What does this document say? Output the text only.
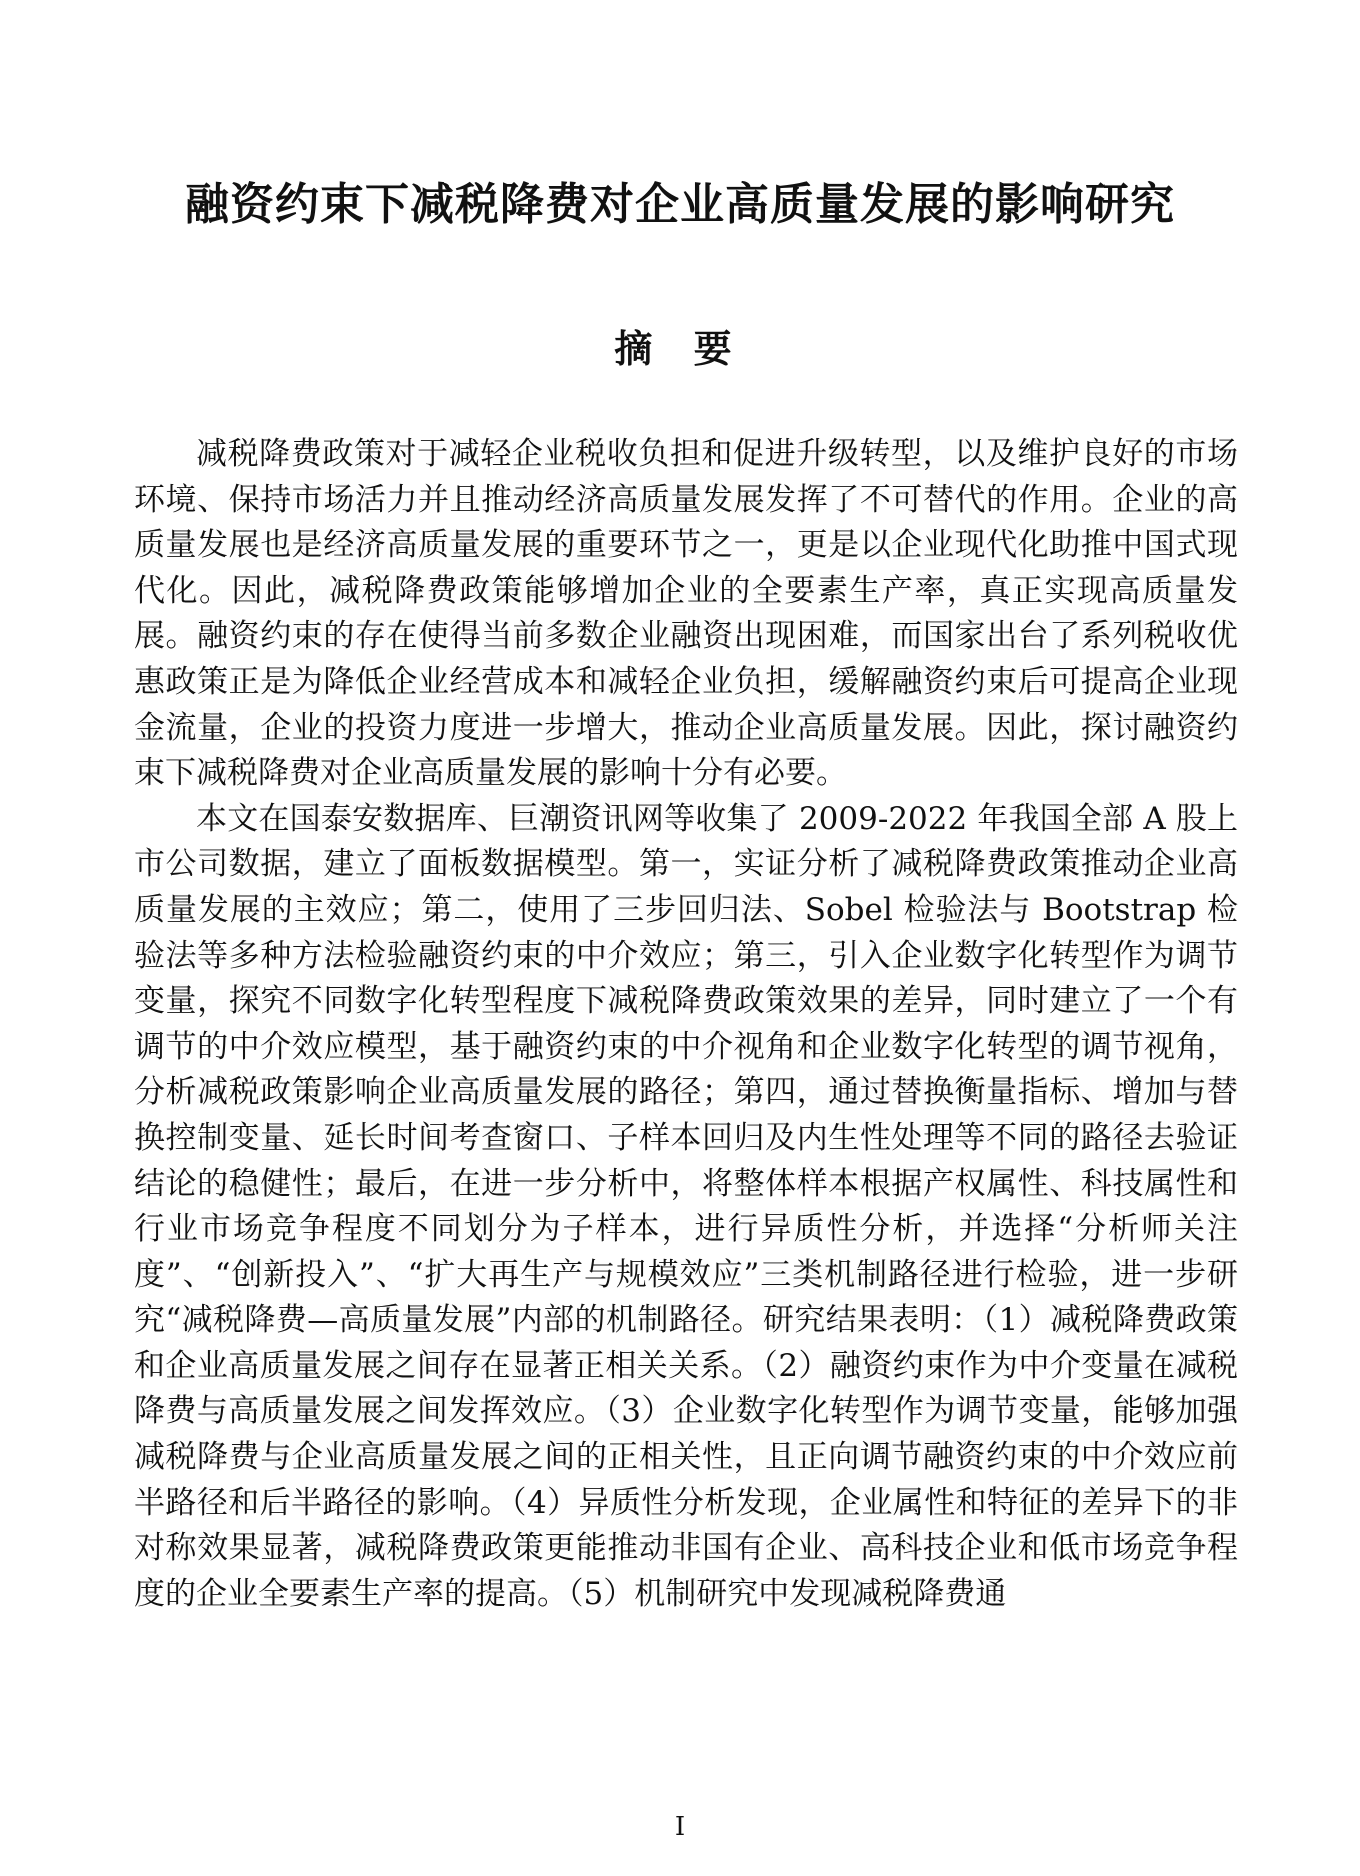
融资约束下减税降费对企业高质量发展的影响研究
摘 要

减税降费政策对于减轻企业税收负担和促进升级转型，以及维护良好的市场环境、保持市场活力并且推动经济高质量发展发挥了不可替代的作用。企业的高质量发展也是经济高质量发展的重要环节之一，更是以企业现代化助推中国式现代化。因此，减税降费政策能够增加企业的全要素生产率，真正实现高质量发展。融资约束的存在使得当前多数企业融资出现困难，而国家出台了系列税收优惠政策正是为降低企业经营成本和减轻企业负担，缓解融资约束后可提高企业现金流量，企业的投资力度进一步增大，推动企业高质量发展。因此，探讨融资约束下减税降费对企业高质量发展的影响十分有必要。

本文在国泰安数据库、巨潮资讯网等收集了 2009-2022 年我国全部 A 股上市公司数据，建立了面板数据模型。第一，实证分析了减税降费政策推动企业高质量发展的主效应；第二，使用了三步回归法、Sobel 检验法与 Bootstrap 检验法等多种方法检验融资约束的中介效应；第三，引入企业数字化转型作为调节变量，探究不同数字化转型程度下减税降费政策效果的差异，同时建立了一个有调节的中介效应模型，基于融资约束的中介视角和企业数字化转型的调节视角，分析减税政策影响企业高质量发展的路径；第四，通过替换衡量指标、增加与替换控制变量、延长时间考查窗口、子样本回归及内生性处理等不同的路径去验证结论的稳健性；最后，在进一步分析中，将整体样本根据产权属性、科技属性和行业市场竞争程度不同划分为子样本，进行异质性分析，并选择“分析师关注度”、“创新投入”、“扩大再生产与规模效应”三类机制路径进行检验，进一步研究“减税降费—高质量发展”内部的机制路径。研究结果表明：（1）减税降费政策和企业高质量发展之间存在显著正相关关系。（2）融资约束作为中介变量在减税降费与高质量发展之间发挥效应。（3）企业数字化转型作为调节变量，能够加强减税降费与企业高质量发展之间的正相关性，且正向调节融资约束的中介效应前半路径和后半路径的影响。（4）异质性分析发现，企业属性和特征的差异下的非对称效果显著，减税降费政策更能推动非国有企业、高科技企业和低市场竞争程度的企业全要素生产率的提高。（5）机制研究中发现减税降费通

I
